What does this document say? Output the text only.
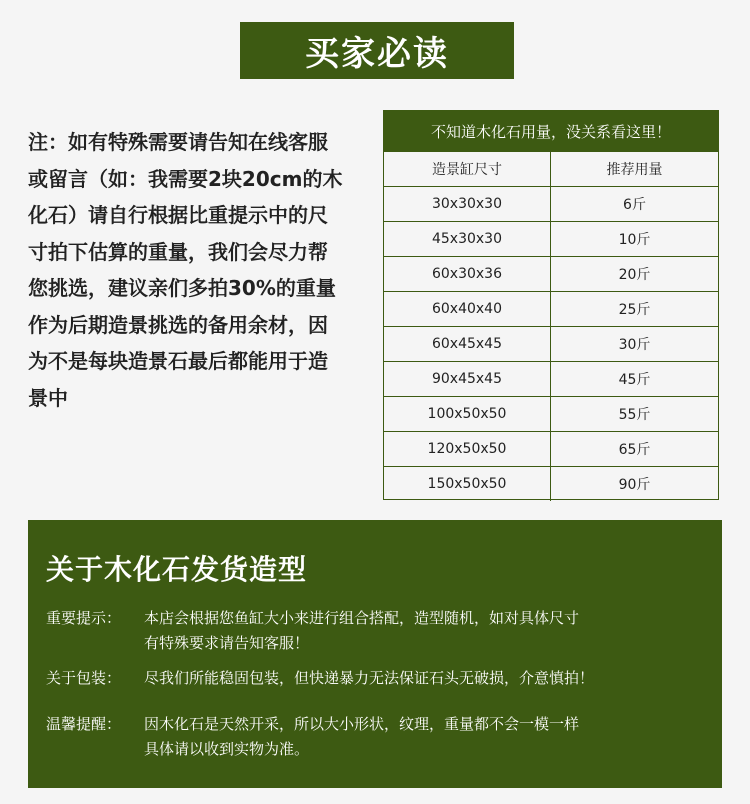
买家必读
注：如有特殊需要请告知在线客服
或留言（如：我需要2块20cm的木
化石）请自行根据比重提示中的尺
寸拍下估算的重量，我们会尽力帮
您挑选，建议亲们多拍30%的重量
作为后期造景挑选的备用余材，因
为不是每块造景石最后都能用于造
景中
不知道木化石用量，没关系看这里！
造景缸尺寸	推荐用量
30x30x30	6斤
45x30x30	10斤
60x30x36	20斤
60x40x40	25斤
60x45x45	30斤
90x45x45	45斤
100x50x50	55斤
120x50x50	65斤
150x50x50	90斤
关于木化石发货造型
重要提示：	本店会根据您鱼缸大小来进行组合搭配，造型随机，如对具体尺寸
有特殊要求请告知客服！
关于包装：	尽我们所能稳固包装，但快递暴力无法保证石头无破损，介意慎拍！
温馨提醒：	因木化石是天然开采，所以大小形状，纹理，重量都不会一模一样
具体请以收到实物为准。
